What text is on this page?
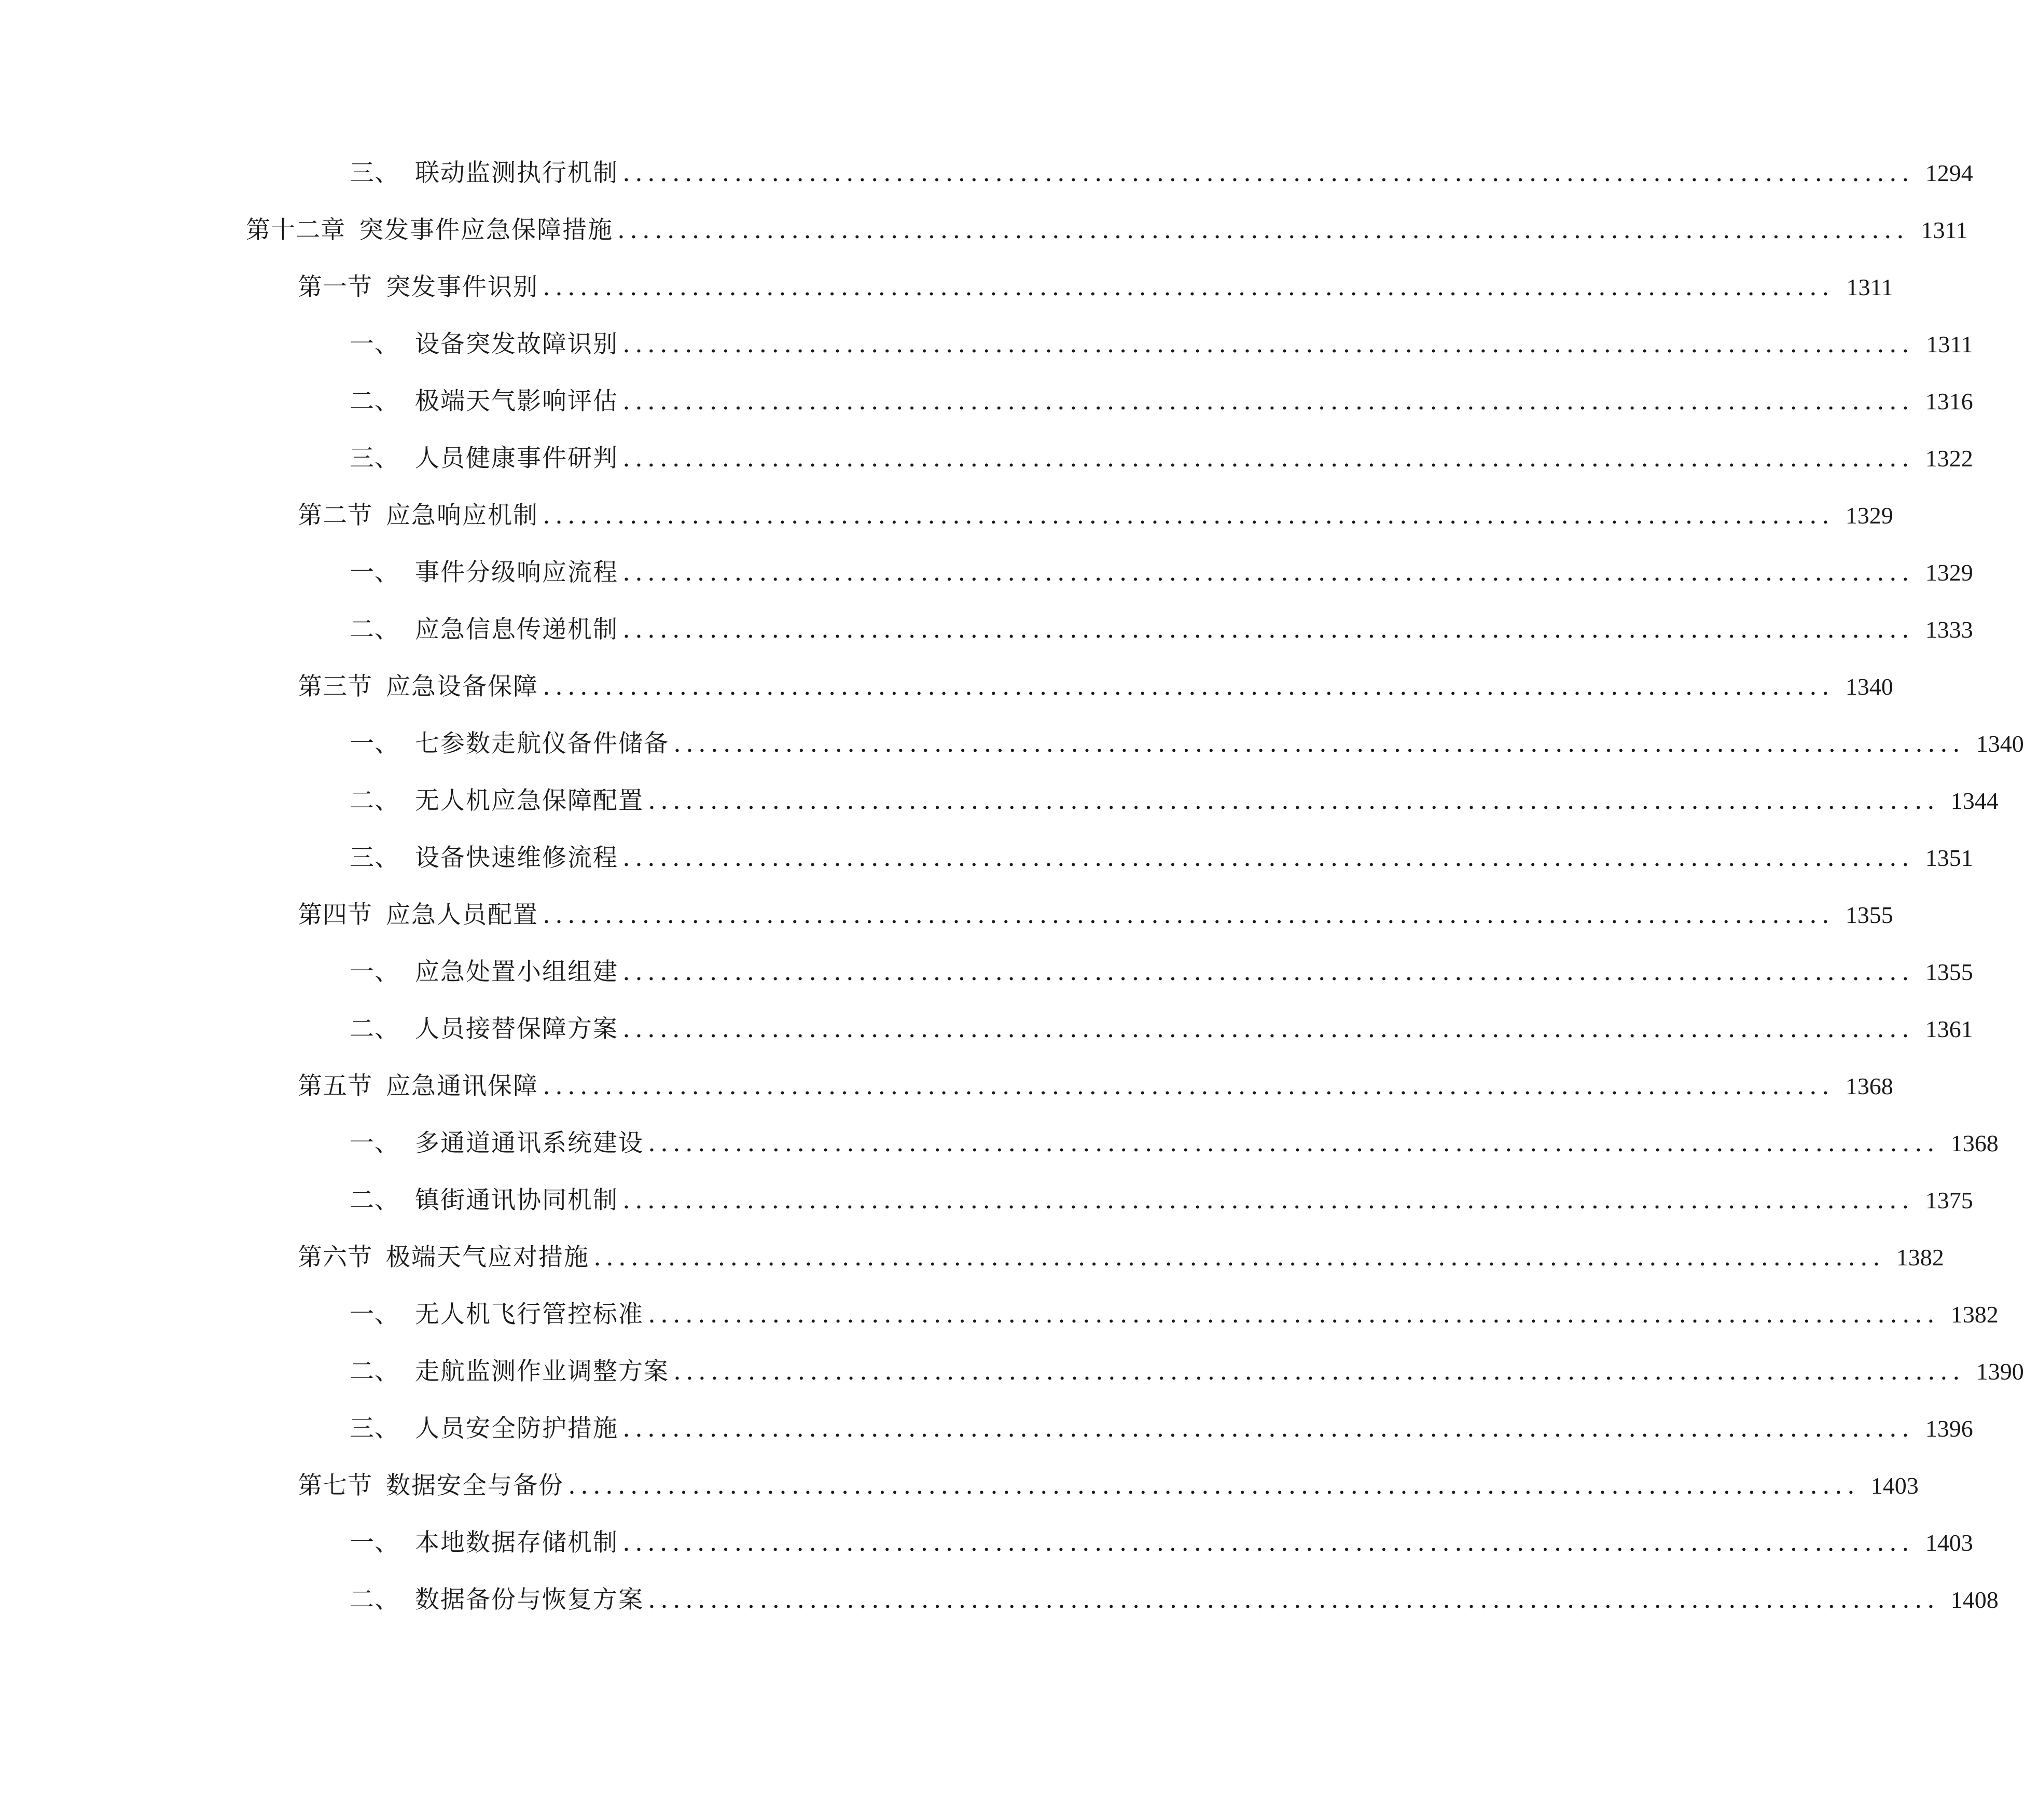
三、 联动监测执行机制 ........................................................................................................ 1294
第十二章 突发事件应急保障措施 ........................................................................................................ 1311
第一节 突发事件识别 ........................................................................................................ 1311
一、 设备突发故障识别 ........................................................................................................ 1311
二、 极端天气影响评估 ........................................................................................................ 1316
三、 人员健康事件研判 ........................................................................................................ 1322
第二节 应急响应机制 ........................................................................................................ 1329
一、 事件分级响应流程 ........................................................................................................ 1329
二、 应急信息传递机制 ........................................................................................................ 1333
第三节 应急设备保障 ........................................................................................................ 1340
一、 七参数走航仪备件储备 ........................................................................................................ 1340
二、 无人机应急保障配置 ........................................................................................................ 1344
三、 设备快速维修流程 ........................................................................................................ 1351
第四节 应急人员配置 ........................................................................................................ 1355
一、 应急处置小组组建 ........................................................................................................ 1355
二、 人员接替保障方案 ........................................................................................................ 1361
第五节 应急通讯保障 ........................................................................................................ 1368
一、 多通道通讯系统建设 ........................................................................................................ 1368
二、 镇街通讯协同机制 ........................................................................................................ 1375
第六节 极端天气应对措施 ........................................................................................................ 1382
一、 无人机飞行管控标准 ........................................................................................................ 1382
二、 走航监测作业调整方案 ........................................................................................................ 1390
三、 人员安全防护措施 ........................................................................................................ 1396
第七节 数据安全与备份 ........................................................................................................ 1403
一、 本地数据存储机制 ........................................................................................................ 1403
二、 数据备份与恢复方案 ........................................................................................................ 1408
